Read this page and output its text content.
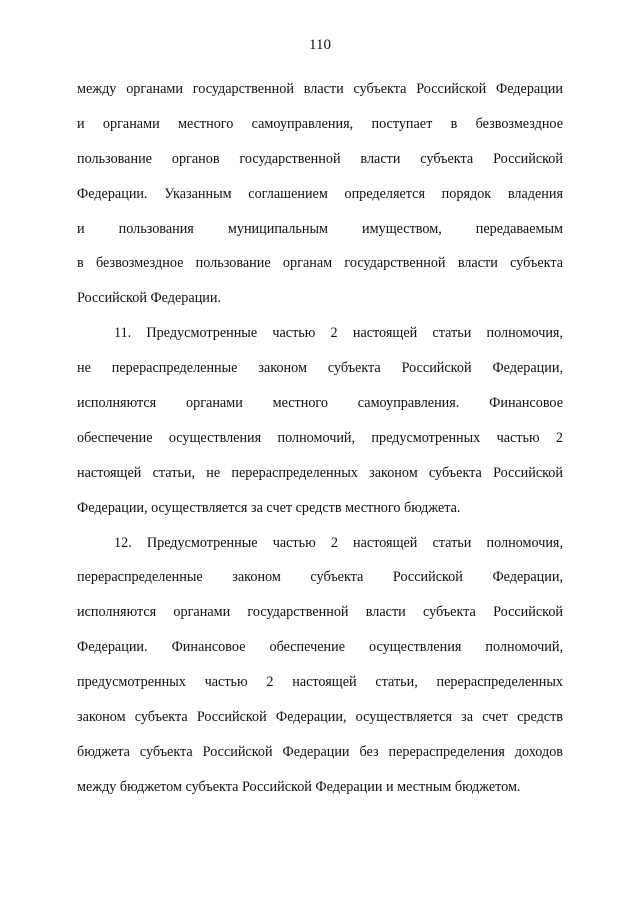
110
между органами государственной власти субъекта Российской Федерации
и органами местного самоуправления, поступает в безвозмездное
пользование органов государственной власти субъекта Российской
Федерации. Указанным соглашением определяется порядок владения
и пользования муниципальным имуществом, передаваемым
в безвозмездное пользование органам государственной власти субъекта
Российской Федерации.
11. Предусмотренные частью 2 настоящей статьи полномочия,
не перераспределенные законом субъекта Российской Федерации,
исполняются органами местного самоуправления. Финансовое
обеспечение осуществления полномочий, предусмотренных частью 2
настоящей статьи, не перераспределенных законом субъекта Российской
Федерации, осуществляется за счет средств местного бюджета.
12. Предусмотренные частью 2 настоящей статьи полномочия,
перераспределенные законом субъекта Российской Федерации,
исполняются органами государственной власти субъекта Российской
Федерации. Финансовое обеспечение осуществления полномочий,
предусмотренных частью 2 настоящей статьи, перераспределенных
законом субъекта Российской Федерации, осуществляется за счет средств
бюджета субъекта Российской Федерации без перераспределения доходов
между бюджетом субъекта Российской Федерации и местным бюджетом.
